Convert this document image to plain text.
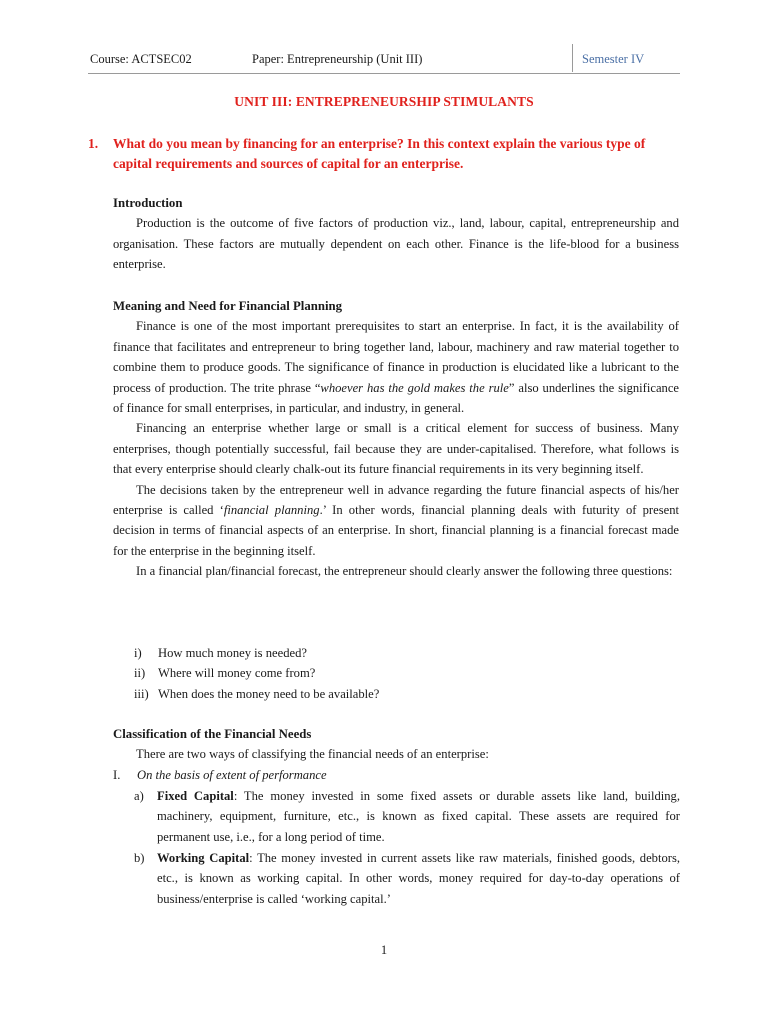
Course: ACTSEC02	Paper: Entrepreneurship (Unit III)	Semester IV
UNIT III: ENTREPRENEURSHIP STIMULANTS
1. What do you mean by financing for an enterprise? In this context explain the various type of capital requirements and sources of capital for an enterprise.
Introduction
Production is the outcome of five factors of production viz., land, labour, capital, entrepreneurship and organisation. These factors are mutually dependent on each other. Finance is the life-blood for a business enterprise.
Meaning and Need for Financial Planning
Finance is one of the most important prerequisites to start an enterprise. In fact, it is the availability of finance that facilitates and entrepreneur to bring together land, labour, machinery and raw material together to combine them to produce goods. The significance of finance in production is elucidated like a lubricant to the process of production. The trite phrase “whoever has the gold makes the rule” also underlines the significance of finance for small enterprises, in particular, and industry, in general.
Financing an enterprise whether large or small is a critical element for success of business. Many enterprises, though potentially successful, fail because they are under-capitalised. Therefore, what follows is that every enterprise should clearly chalk-out its future financial requirements in its very beginning itself.
The decisions taken by the entrepreneur well in advance regarding the future financial aspects of his/her enterprise is called ‘financial planning.’ In other words, financial planning deals with futurity of present decision in terms of financial aspects of an enterprise. In short, financial planning is a financial forecast made for the enterprise in the beginning itself.
In a financial plan/financial forecast, the entrepreneur should clearly answer the following three questions:
i) How much money is needed?
ii) Where will money come from?
iii) When does the money need to be available?
Classification of the Financial Needs
There are two ways of classifying the financial needs of an enterprise:
I. On the basis of extent of performance
a) Fixed Capital: The money invested in some fixed assets or durable assets like land, building, machinery, equipment, furniture, etc., is known as fixed capital. These assets are required for permanent use, i.e., for a long period of time.
b) Working Capital: The money invested in current assets like raw materials, finished goods, debtors, etc., is known as working capital. In other words, money required for day-to-day operations of business/enterprise is called ‘working capital.’
1
